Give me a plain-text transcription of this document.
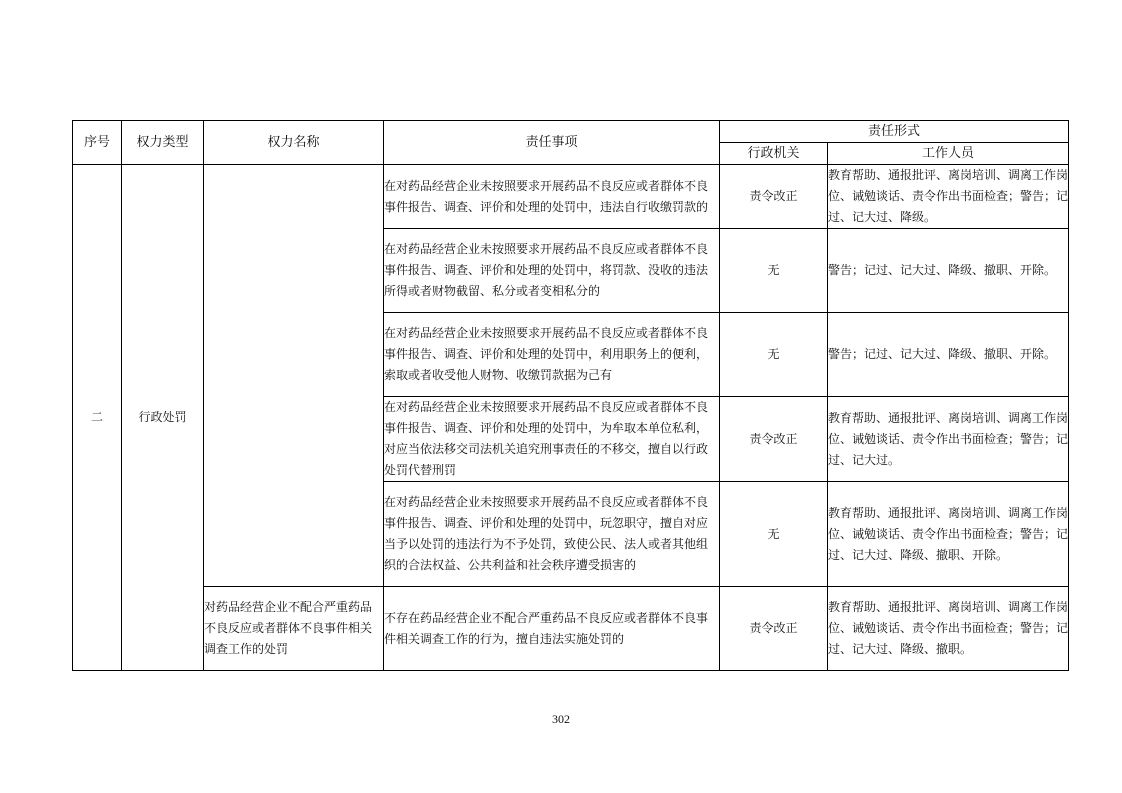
序号	权力类型	权力名称	责任事项	责任形式	
				行政机关	工作人员
二	行政处罚		在对药品经营企业未按照要求开展药品不良反应或者群体不良事件报告、调查、评价和处理的处罚中，违法自行收缴罚款的	责令改正	教育帮助、通报批评、离岗培训、调离工作岗位、诫勉谈话、责令作出书面检查；警告；记过、记大过、降级。
			在对药品经营企业未按照要求开展药品不良反应或者群体不良事件报告、调查、评价和处理的处罚中，将罚款、没收的违法所得或者财物截留、私分或者变相私分的	无	警告；记过、记大过、降级、撤职、开除。
			在对药品经营企业未按照要求开展药品不良反应或者群体不良事件报告、调查、评价和处理的处罚中，利用职务上的便利，索取或者收受他人财物、收缴罚款据为己有	无	警告；记过、记大过、降级、撤职、开除。
			在对药品经营企业未按照要求开展药品不良反应或者群体不良事件报告、调查、评价和处理的处罚中，为牟取本单位私利，对应当依法移交司法机关追究刑事责任的不移交，擅自以行政处罚代替刑罚	责令改正	教育帮助、通报批评、离岗培训、调离工作岗位、诫勉谈话、责令作出书面检查；警告；记过、记大过。
			在对药品经营企业未按照要求开展药品不良反应或者群体不良事件报告、调查、评价和处理的处罚中，玩忽职守，擅自对应当予以处罚的违法行为不予处罚，致使公民、法人或者其他组织的合法权益、公共利益和社会秩序遭受损害的	无	教育帮助、通报批评、离岗培训、调离工作岗位、诫勉谈话、责令作出书面检查；警告；记过、记大过、降级、撤职、开除。
		对药品经营企业不配合严重药品不良反应或者群体不良事件相关调查工作的处罚	不存在药品经营企业不配合严重药品不良反应或者群体不良事件相关调查工作的行为，擅自违法实施处罚的	责令改正	教育帮助、通报批评、离岗培训、调离工作岗位、诫勉谈话、责令作出书面检查；警告；记过、记大过、降级、撤职。
302
